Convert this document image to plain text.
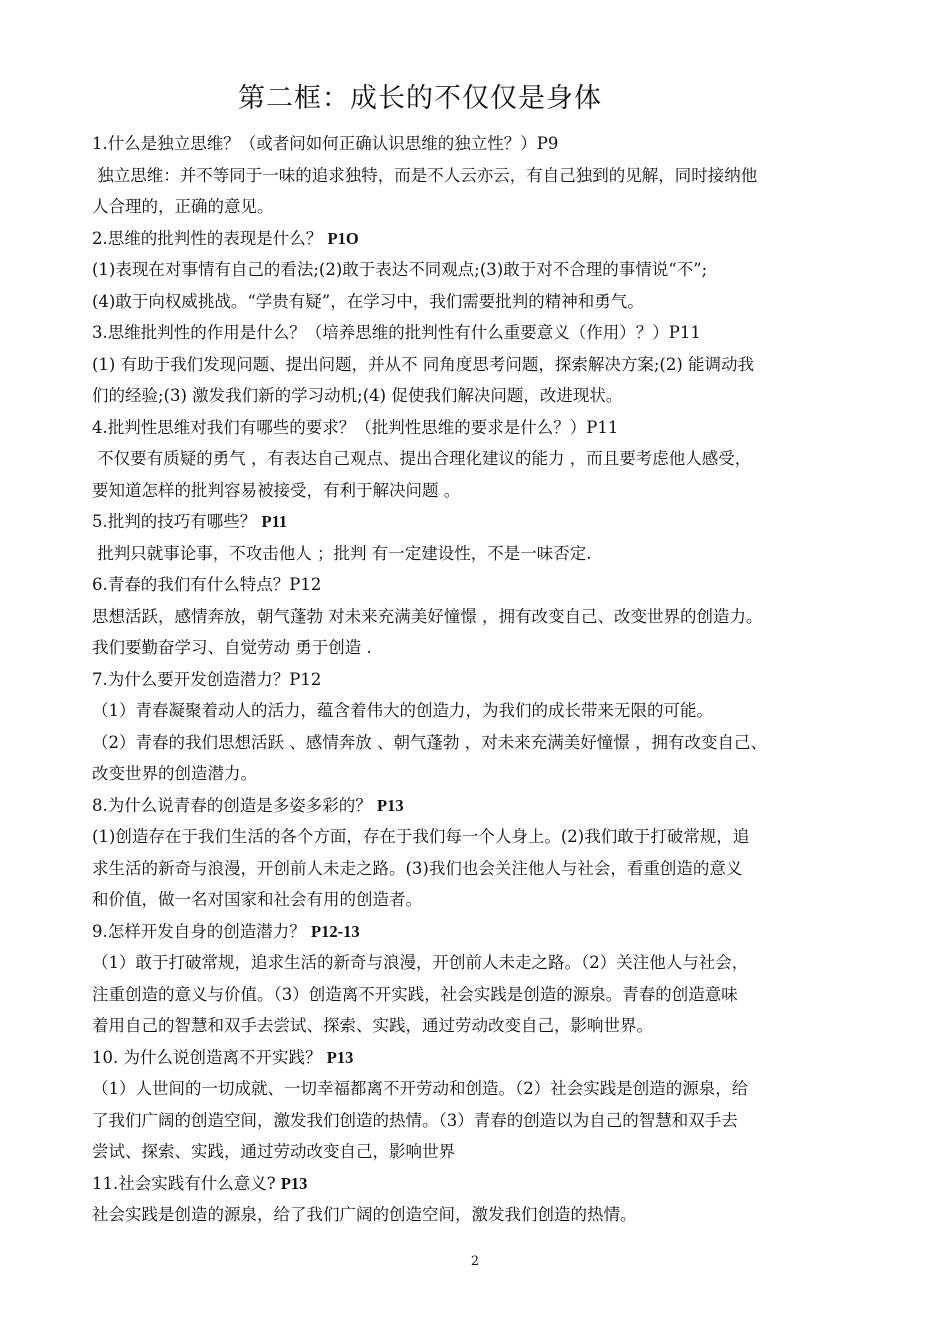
第二框：成长的不仅仅是身体
1.什么是独立思维？（或者问如何正确认识思维的独立性？）P9
独立思维：并不等同于一味的追求独特，而是不人云亦云，有自己独到的见解，同时接纳他
人合理的，正确的意见。
2.思维的批判性的表现是什么？ P1O
(1)表现在对事情有自己的看法;(2)敢于表达不同观点;(3)敢于对不合理的事情说“不”;
(4)敢于向权威挑战。“学贵有疑”，在学习中，我们需要批判的精神和勇气。
3.思维批判性的作用是什么？（培养思维的批判性有什么重要意义（作用）？）P11
(1) 有助于我们发现问题、提出问题，并从不 同角度思考问题，探索解决方案;(2) 能调动我
们的经验;(3) 激发我们新的学习动机;(4) 促使我们解决问题，改进现状。
4.批判性思维对我们有哪些的要求？（批判性思维的要求是什么？）P11
不仅要有质疑的勇气 ，有表达自己观点、提出合理化建议的能力 ，而且要考虑他人感受，
要知道怎样的批判容易被接受，有利于解决问题 。
5.批判的技巧有哪些？ P11
批判只就事论事，不攻击他人 ；批判 有一定建设性，不是一味否定.
6.青春的我们有什么特点？P12
思想活跃，感情奔放，朝气蓬勃 对未来充满美好憧憬 ，拥有改变自己、改变世界的创造力。
我们要勤奋学习、自觉劳动 勇于创造 .
7.为什么要开发创造潜力？P12
（1）青春凝聚着动人的活力，蕴含着伟大的创造力，为我们的成长带来无限的可能。
（2）青春的我们思想活跃 、感情奔放 、朝气蓬勃 ，对未来充满美好憧憬 ，拥有改变自己、
改变世界的创造潜力。
8.为什么说青春的创造是多姿多彩的？ P13
(1)创造存在于我们生活的各个方面，存在于我们每一个人身上。(2)我们敢于打破常规，追
求生活的新奇与浪漫，开创前人未走之路。(3)我们也会关注他人与社会，看重创造的意义
和价值，做一名对国家和社会有用的创造者。
9.怎样开发自身的创造潜力？ P12-13
（1）敢于打破常规，追求生活的新奇与浪漫，开创前人未走之路。（2）关注他人与社会，
注重创造的意义与价值。（3）创造离不开实践，社会实践是创造的源泉。青春的创造意味
着用自己的智慧和双手去尝试、探索、实践，通过劳动改变自己，影响世界。
10. 为什么说创造离不开实践？ P13
（1）人世间的一切成就、一切幸福都离不开劳动和创造。（2）社会实践是创造的源泉，给
了我们广阔的创造空间，激发我们创造的热情。（3）青春的创造以为自己的智慧和双手去
尝试、探索、实践，通过劳动改变自己，影响世界
11.社会实践有什么意义? P13
社会实践是创造的源泉，给了我们广阔的创造空间，激发我们创造的热情。
2
